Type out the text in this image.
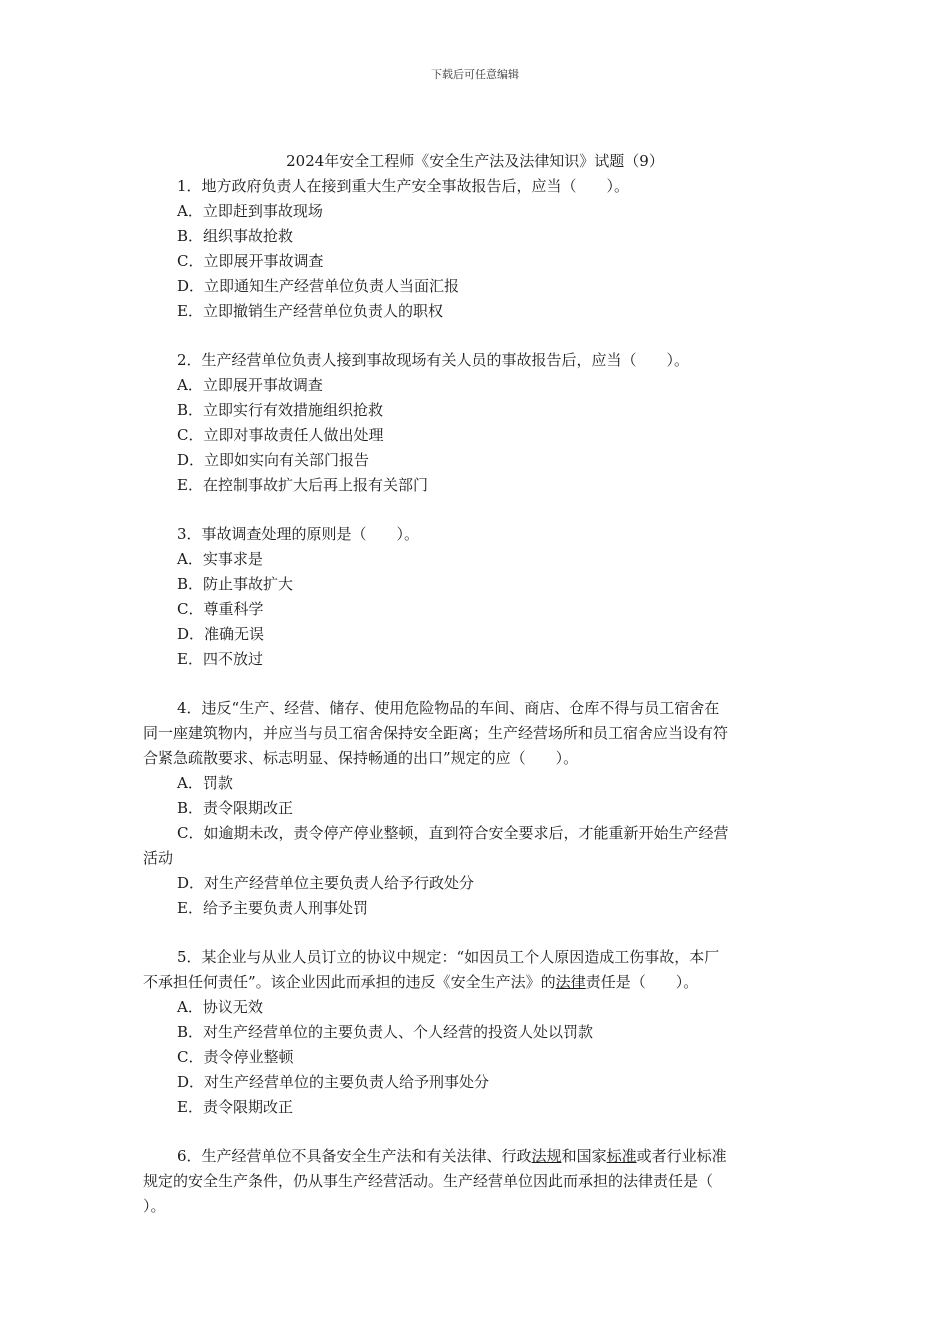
下载后可任意编辑
2024年安全工程师《安全生产法及法律知识》试题（9）
1．地方政府负责人在接到重大生产安全事故报告后，应当（　　）。
A．立即赶到事故现场
B．组织事故抢救
C．立即展开事故调查
D．立即通知生产经营单位负责人当面汇报
E．立即撤销生产经营单位负责人的职权
2．生产经营单位负责人接到事故现场有关人员的事故报告后，应当（　　）。
A．立即展开事故调查
B．立即实行有效措施组织抢救
C．立即对事故责任人做出处理
D．立即如实向有关部门报告
E．在控制事故扩大后再上报有关部门
3．事故调查处理的原则是（　　）。
A．实事求是
B．防止事故扩大
C．尊重科学
D．准确无误
E．四不放过
4．违反“生产、经营、储存、使用危险物品的车间、商店、仓库不得与员工宿舍在
同一座建筑物内，并应当与员工宿舍保持安全距离；生产经营场所和员工宿舍应当设有符
合紧急疏散要求、标志明显、保持畅通的出口”规定的应（　　）。
A．罚款
B．责令限期改正
C．如逾期未改，责令停产停业整顿，直到符合安全要求后，才能重新开始生产经营
活动
D．对生产经营单位主要负责人给予行政处分
E．给予主要负责人刑事处罚
5．某企业与从业人员订立的协议中规定：“如因员工个人原因造成工伤事故，本厂
不承担任何责任”。该企业因此而承担的违反《安全生产法》的法律责任是（　　）。
A．协议无效
B．对生产经营单位的主要负责人、个人经营的投资人处以罚款
C．责令停业整顿
D．对生产经营单位的主要负责人给予刑事处分
E．责令限期改正
6．生产经营单位不具备安全生产法和有关法律、行政法规和国家标准或者行业标准
规定的安全生产条件，仍从事生产经营活动。生产经营单位因此而承担的法律责任是（
）。
